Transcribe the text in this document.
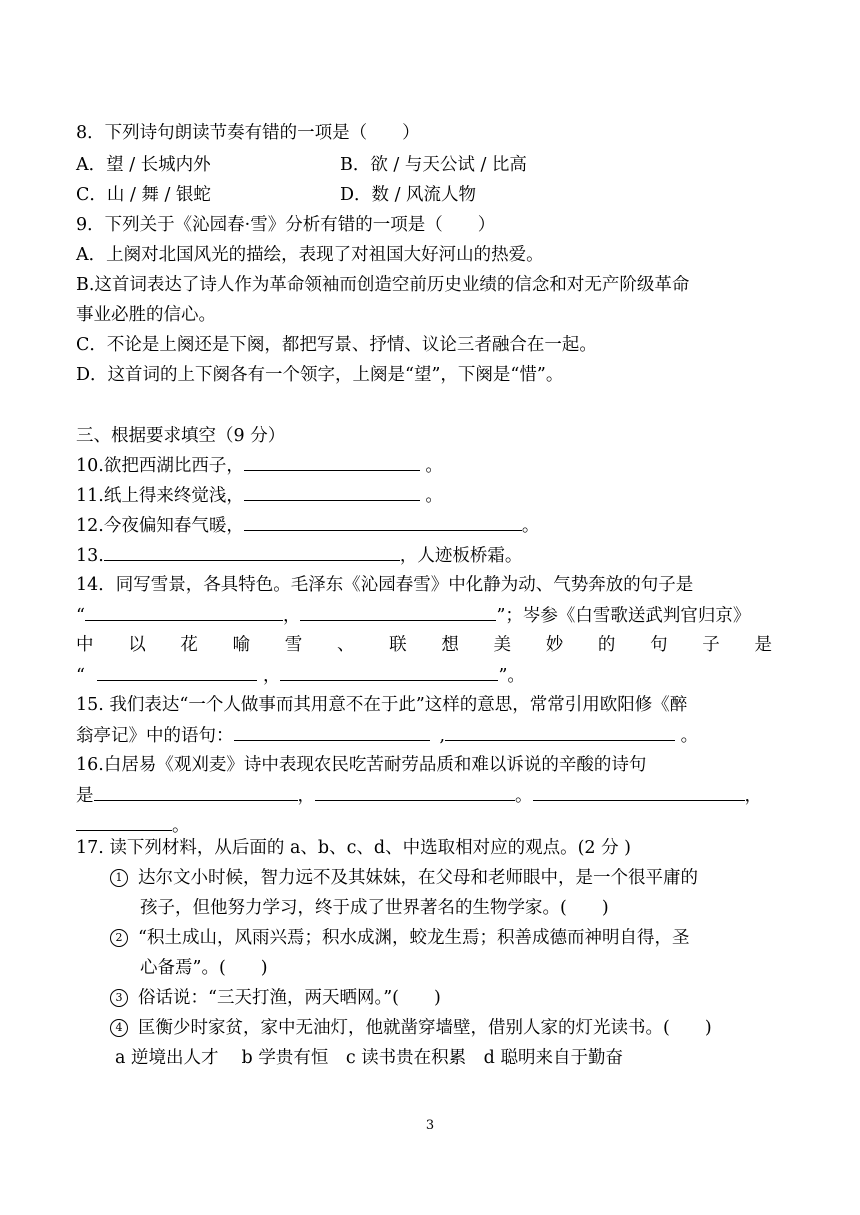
8．下列诗句朗读节奏有错的一项是（　　）
A．望 / 长城内外	B．欲 / 与天公试 / 比高
C．山 / 舞 / 银蛇	D．数 / 风流人物
9．下列关于《沁园春·雪》分析有错的一项是（　　）
A．上阕对北国风光的描绘，表现了对祖国大好河山的热爱。
B.这首词表达了诗人作为革命领袖而创造空前历史业绩的信念和对无产阶级革命
事业必胜的信心。
C．不论是上阕还是下阕，都把写景、抒情、议论三者融合在一起。
D．这首词的上下阕各有一个领字，上阕是“望”，下阕是“惜”。
三、根据要求填空（9 分）
10.欲把西湖比西子，	。
11.纸上得来终觉浅，	。
12.今夜偏知春气暖，	。
13.	，人迹板桥霜。
14．同写雪景，各具特色。毛泽东《沁园春雪》中化静为动、气势奔放的句子是
“	，	”；岑参《白雪歌送武判官归京》
中 以 花 喻 雪 、 联 想 美 妙 的 句 子 是
“	，	”。
15. 我们表达“一个人做事而其用意不在于此”这样的意思，常常引用欧阳修《醉
翁亭记》中的语句：	,	。
16.白居易《观刈麦》诗中表现农民吃苦耐劳品质和难以诉说的辛酸的诗句
是	，	。	，
。
17. 读下列材料，从后面的 a、b、c、d、中选取相对应的观点。(2 分 )
1 达尔文小时候，智力远不及其妹妹，在父母和老师眼中，是一个很平庸的
孩子，但他努力学习，终于成了世界著名的生物学家。(　　)
2 “积土成山，风雨兴焉；积水成渊，蛟龙生焉；积善成德而神明自得，圣
心备焉”。(　　)
3 俗话说：“三天打渔，两天晒网。”(　　)
4 匡衡少时家贫，家中无油灯，他就凿穿墙壁，借别人家的灯光读书。(　　)
a 逆境出人才　 b 学贵有恒　c 读书贵在积累　d 聪明来自于勤奋
3
